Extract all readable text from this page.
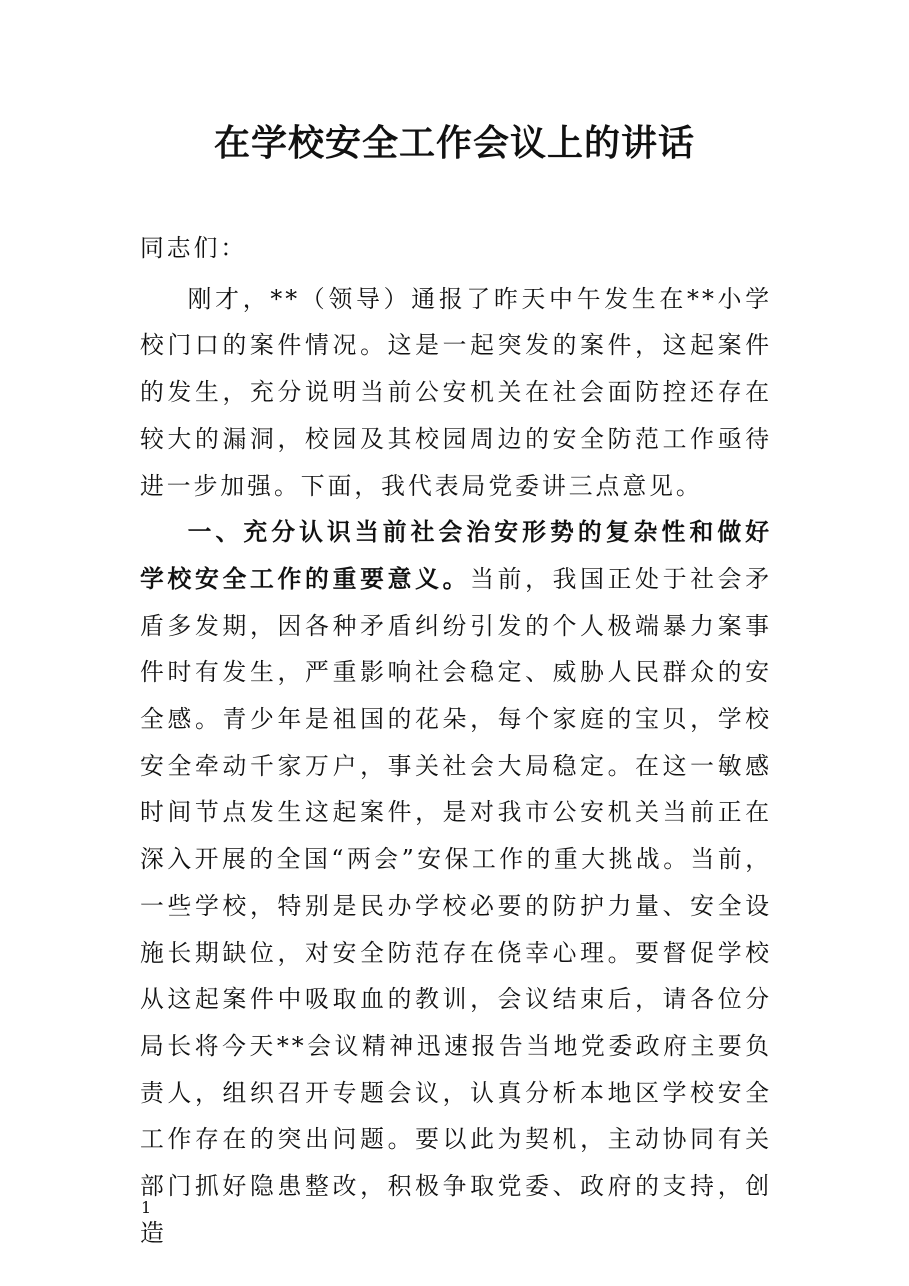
在学校安全工作会议上的讲话

同志们：

刚才，**（领导）通报了昨天中午发生在**小学校门口的案件情况。这是一起突发的案件，这起案件的发生，充分说明当前公安机关在社会面防控还存在较大的漏洞，校园及其校园周边的安全防范工作亟待进一步加强。下面，我代表局党委讲三点意见。

一、充分认识当前社会治安形势的复杂性和做好学校安全工作的重要意义。当前，我国正处于社会矛盾多发期，因各种矛盾纠纷引发的个人极端暴力案事件时有发生，严重影响社会稳定、威胁人民群众的安全感。青少年是祖国的花朵，每个家庭的宝贝，学校安全牵动千家万户，事关社会大局稳定。在这一敏感时间节点发生这起案件，是对我市公安机关当前正在深入开展的全国“两会”安保工作的重大挑战。当前，一些学校，特别是民办学校必要的防护力量、安全设施长期缺位，对安全防范存在侥幸心理。要督促学校从这起案件中吸取血的教训，会议结束后，请各位分局长将今天**会议精神迅速报告当地党委政府主要负责人，组织召开专题会议，认真分析本地区学校安全工作存在的突出问题。要以此为契机，主动协同有关部门抓好隐患整改，积极争取党委、政府的支持，创造

1
